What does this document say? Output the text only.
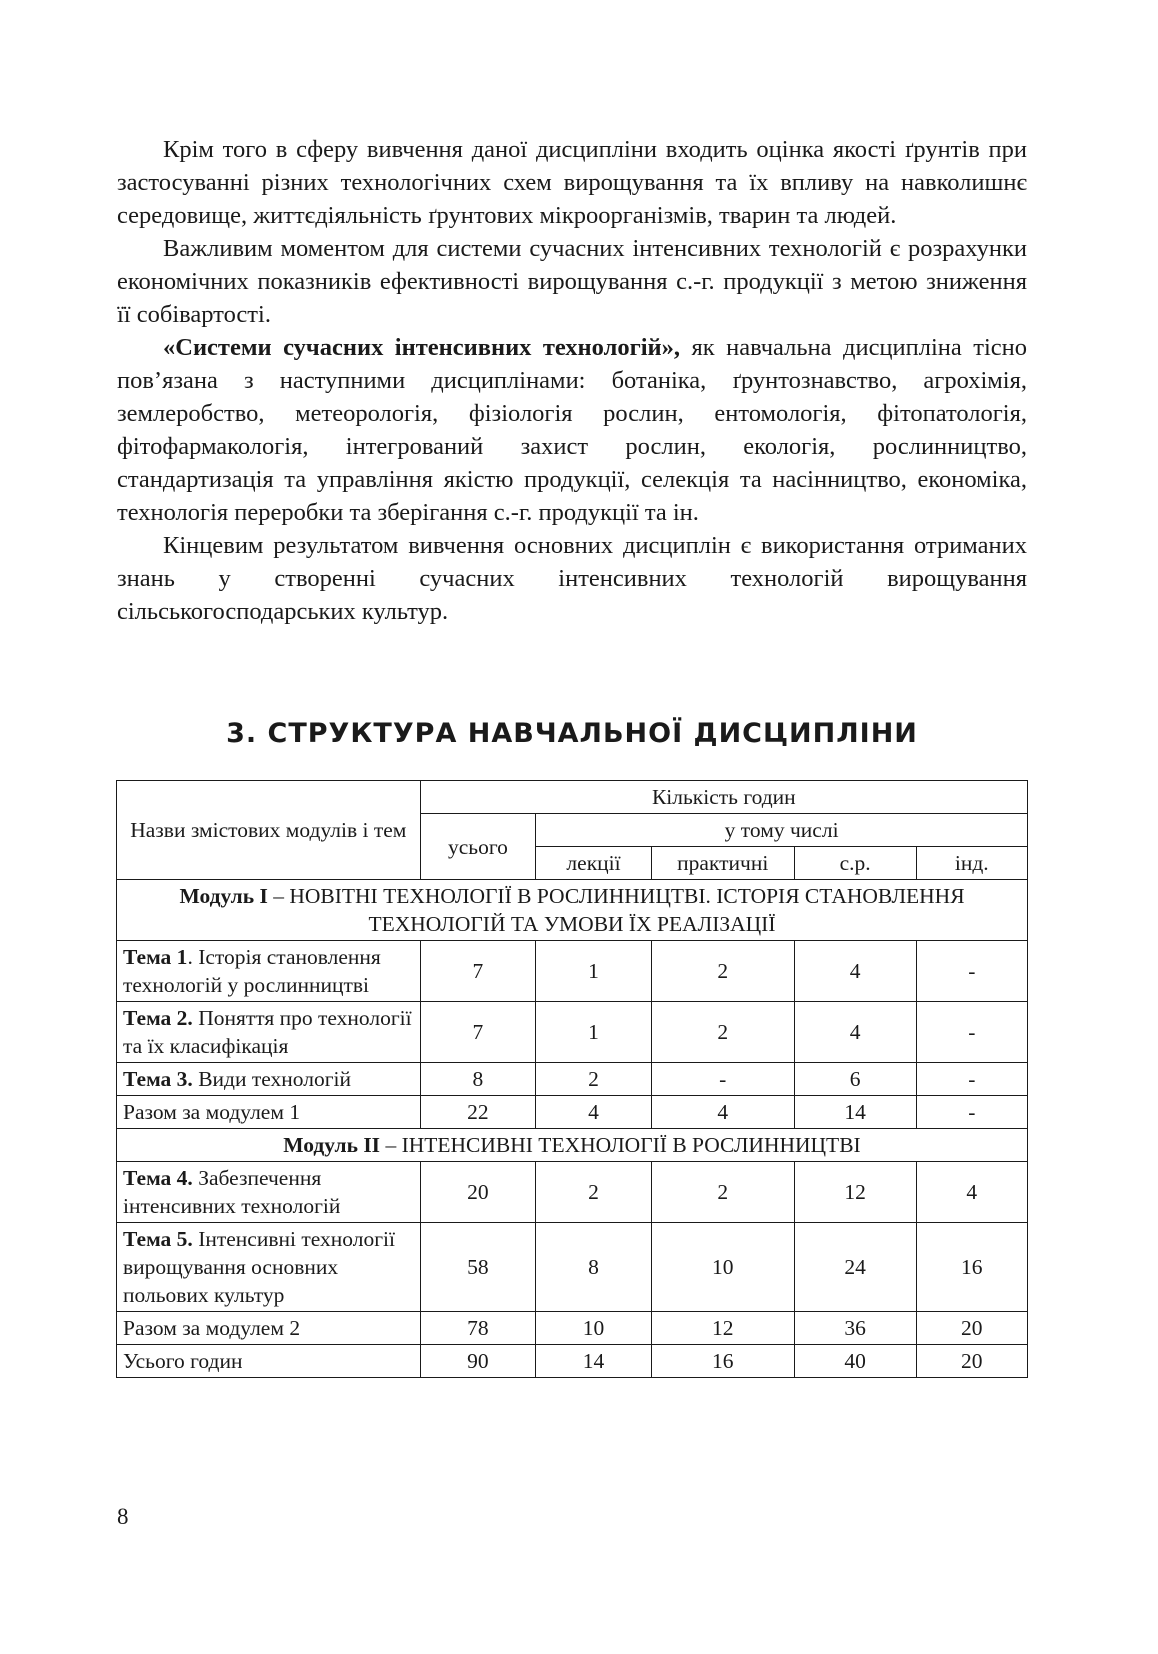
Крім того в сферу вивчення даної дисципліни входить оцінка якості ґрунтів при застосуванні різних технологічних схем вирощування та їх впливу на навколишнє середовище, життєдіяльність ґрунтових мікроорганізмів, тварин та людей.

Важливим моментом для системи сучасних інтенсивних технологій є розрахунки економічних показників ефективності вирощування с.-г. продукції з метою зниження її собівартості.

«Системи сучасних інтенсивних технологій», як навчальна дисципліна тісно пов’язана з наступними дисциплінами: ботаніка, ґрунтознавство, агрохімія, землеробство, метеорологія, фізіологія рослин, ентомологія, фітопатологія, фітофармакологія, інтегрований захист рослин, екологія, рослинництво, стандартизація та управління якістю продукції, селекція та насінництво, економіка, технологія переробки та зберігання с.-г. продукції та ін.

Кінцевим результатом вивчення основних дисциплін є використання отриманих знань у створенні сучасних інтенсивних технологій вирощування сільськогосподарських культур.

3. СТРУКТУРА НАВЧАЛЬНОЇ ДИСЦИПЛІНИ
Назви змістових модулів і тем	Кількість годин				
	усього	у тому числі			
		лекції	практичні	с.р.	інд.
Модуль I – НОВІТНІ ТЕХНОЛОГІЇ В РОСЛИННИЦТВІ. ІСТОРІЯ СТАНОВЛЕННЯ ТЕХНОЛОГІЙ ТА УМОВИ ЇХ РЕАЛІЗАЦІЇ					
Тема 1. Історія становлення технологій у рослинництві	7	1	2	4	-
Тема 2. Поняття про технології та їх класифікація	7	1	2	4	-
Тема 3. Види технологій	8	2	-	6	-
Разом за модулем 1	22	4	4	14	-
Модуль ІІ – ІНТЕНСИВНІ ТЕХНОЛОГІЇ В РОСЛИННИЦТВІ					
Тема 4. Забезпечення інтенсивних технологій	20	2	2	12	4
Тема 5. Інтенсивні технології вирощування основних польових культур	58	8	10	24	16
Разом за модулем 2	78	10	12	36	20
Усього годин	90	14	16	40	20
8
